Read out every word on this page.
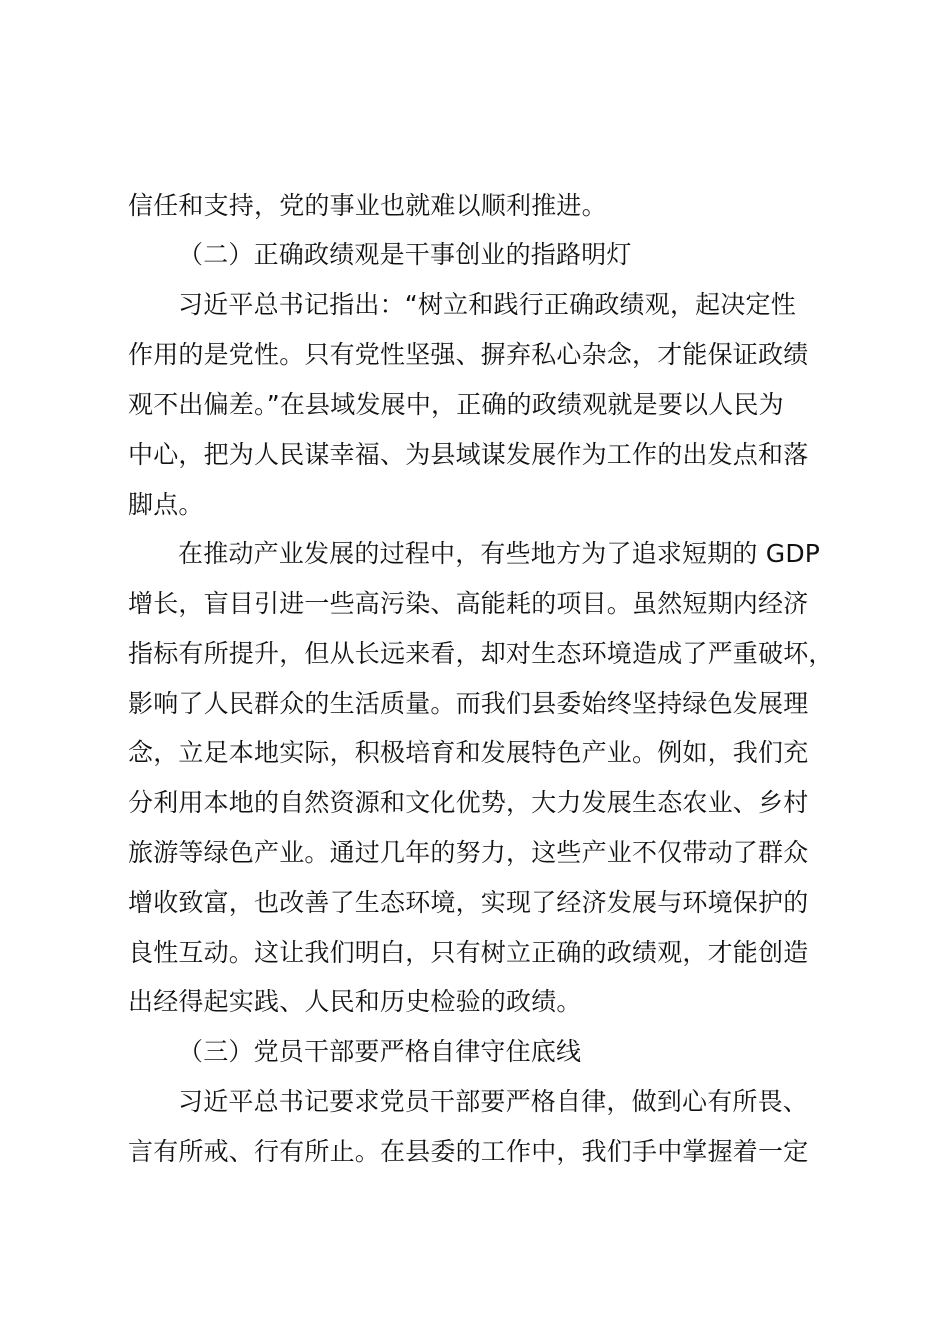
信任和支持，党的事业也就难以顺利推进。
（二）正确政绩观是干事创业的指路明灯
习近平总书记指出：“树立和践行正确政绩观，起决定性
作用的是党性。只有党性坚强、摒弃私心杂念，才能保证政绩
观不出偏差。”在县域发展中，正确的政绩观就是要以人民为
中心，把为人民谋幸福、为县域谋发展作为工作的出发点和落
脚点。
在推动产业发展的过程中，有些地方为了追求短期的 GDP
增长，盲目引进一些高污染、高能耗的项目。虽然短期内经济
指标有所提升，但从长远来看，却对生态环境造成了严重破坏，
影响了人民群众的生活质量。而我们县委始终坚持绿色发展理
念，立足本地实际，积极培育和发展特色产业。例如，我们充
分利用本地的自然资源和文化优势，大力发展生态农业、乡村
旅游等绿色产业。通过几年的努力，这些产业不仅带动了群众
增收致富，也改善了生态环境，实现了经济发展与环境保护的
良性互动。这让我们明白，只有树立正确的政绩观，才能创造
出经得起实践、人民和历史检验的政绩。
（三）党员干部要严格自律守住底线
习近平总书记要求党员干部要严格自律，做到心有所畏、
言有所戒、行有所止。在县委的工作中，我们手中掌握着一定
